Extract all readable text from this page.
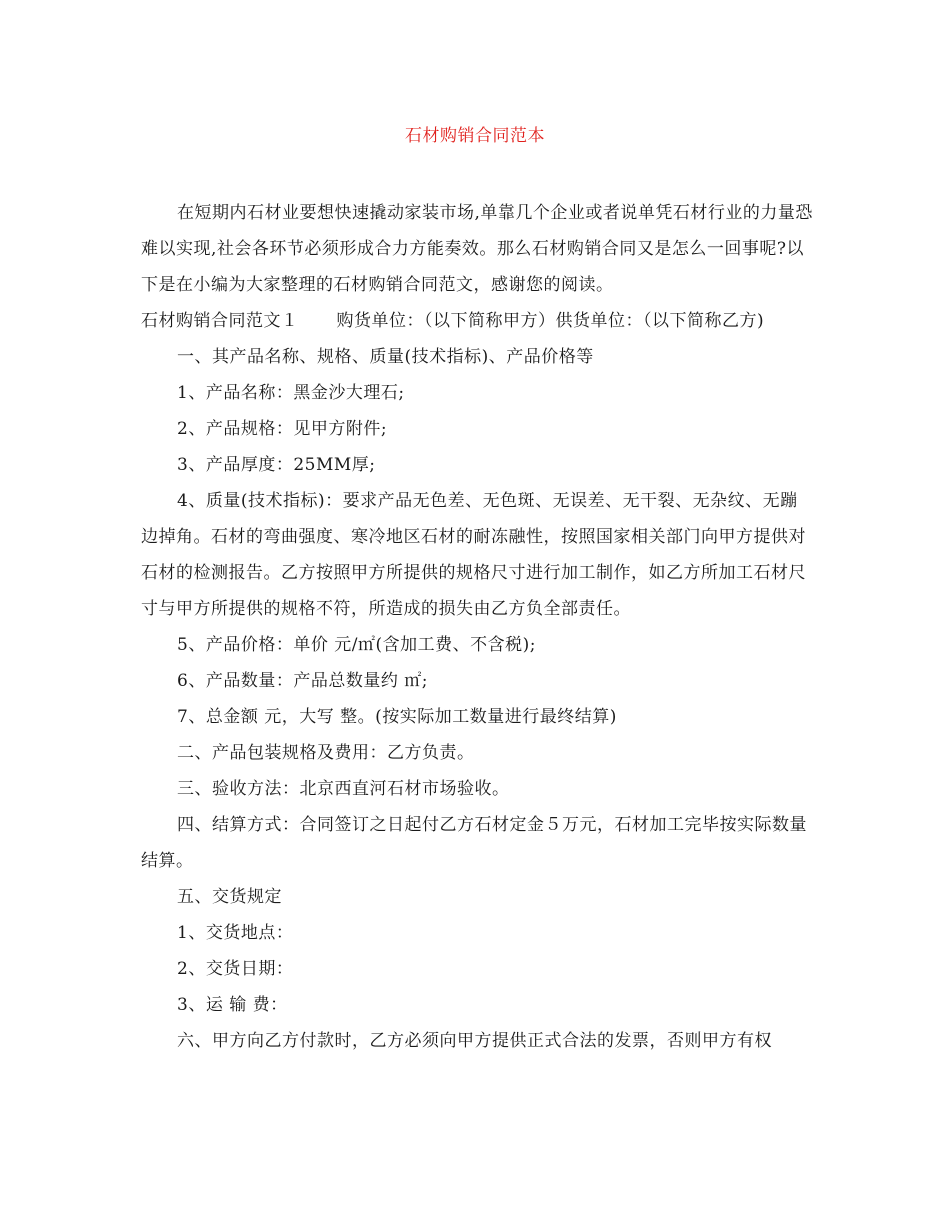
石材购销合同范本

在短期内石材业要想快速撬动家装市场,单靠几个企业或者说单凭石材行业的力量恐难以实现,社会各环节必须形成合力方能奏效。那么石材购销合同又是怎么一回事呢?以下是在小编为大家整理的石材购销合同范文，感谢您的阅读。

石材购销合同范文１ 购货单位：（以下简称甲方）供货单位：（以下简称乙方)

一、其产品名称、规格、质量(技术指标)、产品价格等

1、产品名称：黑金沙大理石;

2、产品规格：见甲方附件;

3、产品厚度：25MM厚;

4、质量(技术指标)：要求产品无色差、无色斑、无误差、无干裂、无杂纹、无蹦边掉角。石材的弯曲强度、寒冷地区石材的耐冻融性，按照国家相关部门向甲方提供对石材的检测报告。乙方按照甲方所提供的规格尺寸进行加工制作，如乙方所加工石材尺寸与甲方所提供的规格不符，所造成的损失由乙方负全部责任。

5、产品价格：单价 元/㎡(含加工费、不含税);

6、产品数量：产品总数量约 ㎡;

7、总金额 元，大写 整。(按实际加工数量进行最终结算)

二、产品包装规格及费用：乙方负责。

三、验收方法：北京西直河石材市场验收。

四、结算方式：合同签订之日起付乙方石材定金５万元，石材加工完毕按实际数量结算。

五、交货规定

1、交货地点：

2、交货日期：

3、运 输 费：

六、甲方向乙方付款时，乙方必须向甲方提供正式合法的发票，否则甲方有权
